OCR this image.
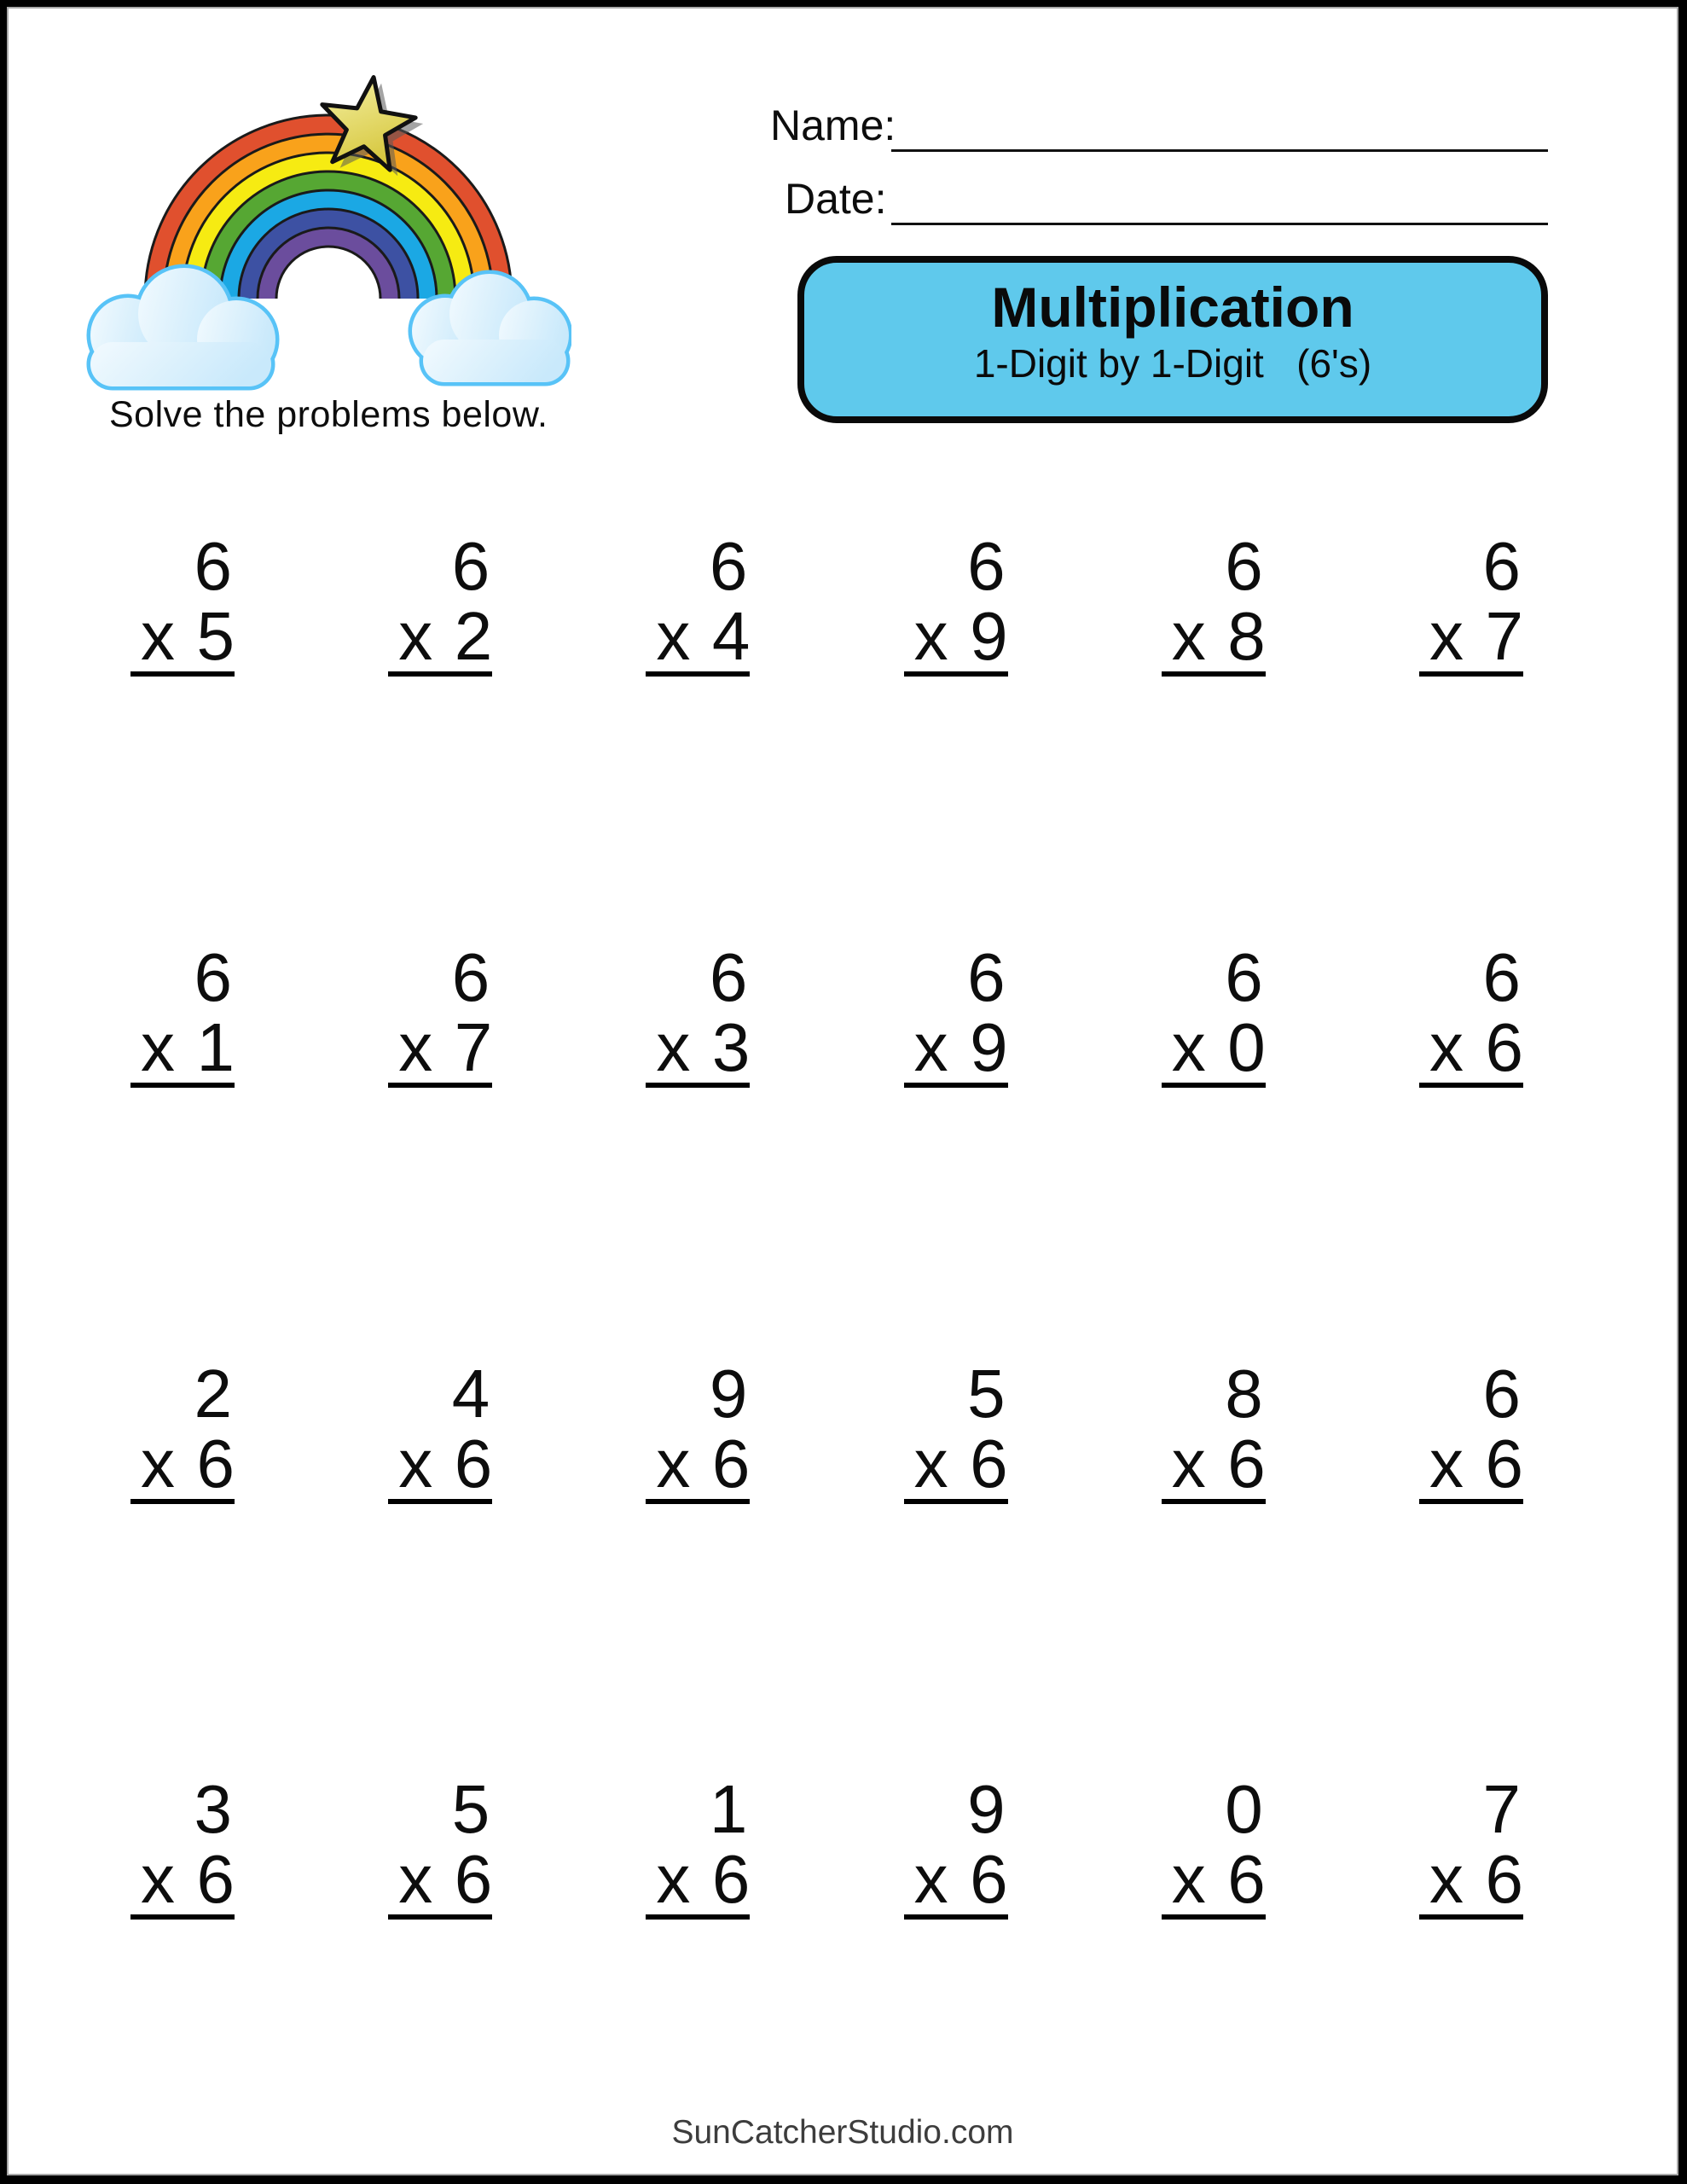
Solve the problems below.
Name:
Date:
Multiplication
1-Digit by 1-Digit   (6's)
6
x 5
6
x 2
6
x 4
6
x 9
6
x 8
6
x 7
6
x 1
6
x 7
6
x 3
6
x 9
6
x 0
6
x 6
2
x 6
4
x 6
9
x 6
5
x 6
8
x 6
6
x 6
3
x 6
5
x 6
1
x 6
9
x 6
0
x 6
7
x 6
SunCatcherStudio.com
